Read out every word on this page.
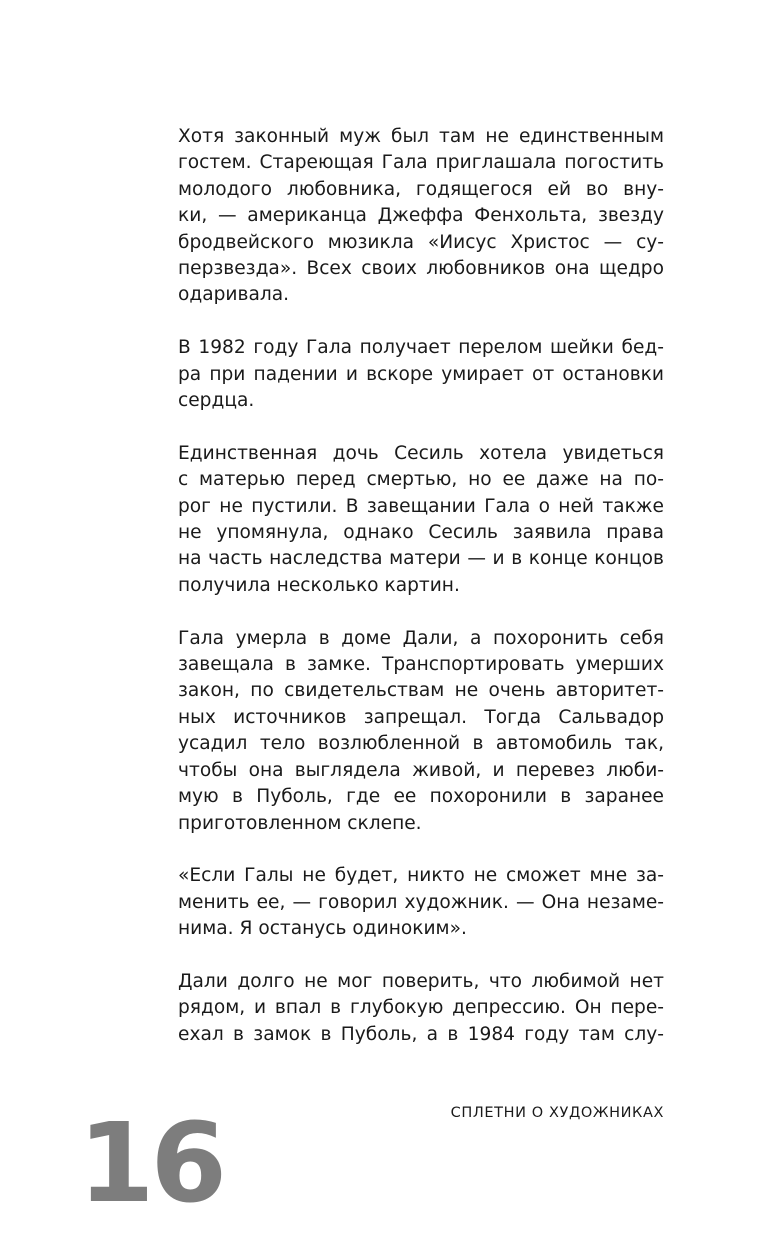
Хотя законный муж был там не единственным
гостем. Стареющая Гала приглашала погостить
молодого любовника, годящегося ей во вну-
ки, — американца Джеффа Фенхольта, звезду
бродвейского мюзикла «Иисус Христос — су-
перзвезда». Всех своих любовников она щедро
одаривала.
В 1982 году Гала получает перелом шейки бед-
ра при падении и вскоре умирает от остановки
сердца.
Единственная дочь Сесиль хотела увидеться
с матерью перед смертью, но ее даже на по-
рог не пустили. В завещании Гала о ней также
не упомянула, однако Сесиль заявила права
на часть наследства матери — и в конце концов
получила несколько картин.
Гала умерла в доме Дали, а похоронить себя
завещала в замке. Транспортировать умерших
закон, по свидетельствам не очень авторитет-
ных источников запрещал. Тогда Сальвадор
усадил тело возлюбленной в автомобиль так,
чтобы она выглядела живой, и перевез люби-
мую в Пуболь, где ее похоронили в заранее
приготовленном склепе.
«Если Галы не будет, никто не сможет мне за-
менить ее, — говорил художник. — Она незаме-
нима. Я останусь одиноким».
Дали долго не мог поверить, что любимой нет
рядом, и впал в глубокую депрессию. Он пере-
ехал в замок в Пуболь, а в 1984 году там слу-
СПЛЕТНИ О ХУДОЖНИКАХ
16
